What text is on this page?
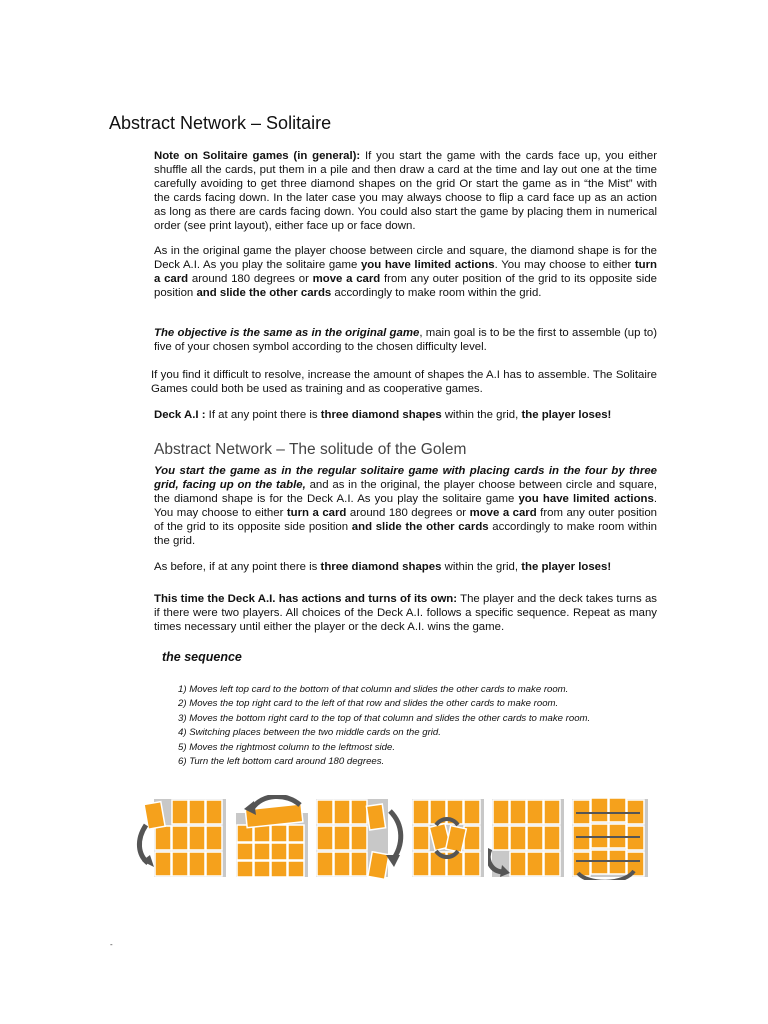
Abstract Network – Solitaire

Note on Solitaire games (in general): If you start the game with the cards face up, you either shuffle all the cards, put them in a pile and then draw a card at the time and lay out one at the time carefully avoiding to get three diamond shapes on the grid Or start the game as in “the Mist” with the cards facing down. In the later case you may always choose to flip a card face up as an action as long as there are cards facing down. You could also start the game by placing them in numerical order (see print layout), either face up or face down.

As in the original game the player choose between circle and square, the diamond shape is for the Deck A.I. As you play the solitaire game you have limited actions. You may choose to either turn a card around 180 degrees or move a card from any outer position of the grid to its opposite side position and slide the other cards accordingly to make room within the grid.

The objective is the same as in the original game, main goal is to be the first to assemble (up to) five of your chosen symbol according to the chosen difficulty level.

If you find it difficult to resolve, increase the amount of shapes the A.I has to assemble. The Solitaire Games could both be used as training and as cooperative games.

Deck A.I : If at any point there is three diamond shapes within the grid, the player loses!

Abstract Network – The solitude of the Golem

You start the game as in the regular solitaire game with placing cards in the four by three grid, facing up on the table, and as in the original, the player choose between circle and square, the diamond shape is for the Deck A.I. As you play the solitaire game you have limited actions. You may choose to either turn a card around 180 degrees or move a card from any outer position of the grid to its opposite side position and slide the other cards accordingly to make room within the grid.

As before, if at any point there is three diamond shapes within the grid, the player loses!

This time the Deck A.I. has actions and turns of its own: The player and the deck takes turns as if there were two players. All choices of the Deck A.I. follows a specific sequence. Repeat as many times necessary until either the player or the deck A.I. wins the game.

the sequence
1) Moves left top card to the bottom of that column and slides the other cards to make room.
2) Moves the top right card to the left of that row and slides the other cards to make room.
3) Moves the bottom right card to the top of that column and slides the other cards to make room.
4) Switching places between the two middle cards on the grid.
5) Moves the rightmost column to the leftmost side.
6) Turn the left bottom card around 180 degrees.
-
